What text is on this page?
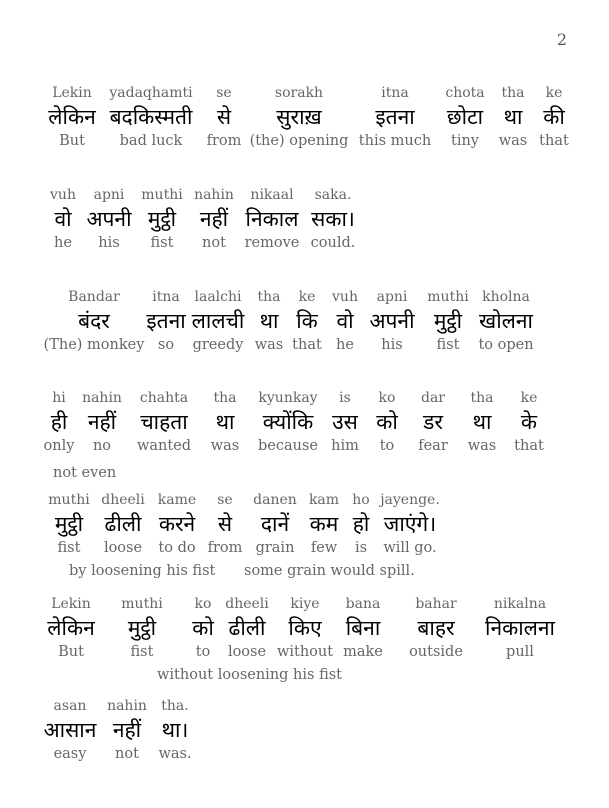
2
Lekin
लेकिन
But
yadaqhamti
बदकिस्मती
bad luck
se
से
from
sorakh
सुराख़
(the) opening
itna
इतना
this much
chota
छोटा
tiny
tha
था
was
ke
की
that
vuh
वो
he
apni
अपनी
his
muthi
मुट्ठी
fist
nahin
नहीं
not
nikaal
निकाल
remove
saka.
सका।
could.
Bandar
बंदर
(The) monkey
itna
इतना
so
laalchi
लालची
greedy
tha
था
was
ke
कि
that
vuh
वो
he
apni
अपनी
his
muthi
मुट्ठी
fist
kholna
खोलना
to open
hi
ही
only
nahin
नहीं
no
chahta
चाहता
wanted
tha
था
was
kyunkay
क्योंकि
because
is
उस
him
ko
को
to
dar
डर
fear
tha
था
was
ke
के
that
not even
muthi
मुट्ठी
fist
dheeli
ढीली
loose
kame
करने
to do
se
से
from
danen
दानें
grain
kam
कम
few
ho
हो
is
jayenge.
जाएंगे।
will go.
by loosening his fist some grain would spill.
Lekin
लेकिन
But
muthi
मुट्ठी
fist
ko
को
to
dheeli
ढीली
loose
kiye
किए
without
bana
बिना
make
bahar
बाहर
outside
nikalna
निकालना
pull
without loosening his fist
asan
आसान
easy
nahin
नहीं
not
tha.
था।
was.
